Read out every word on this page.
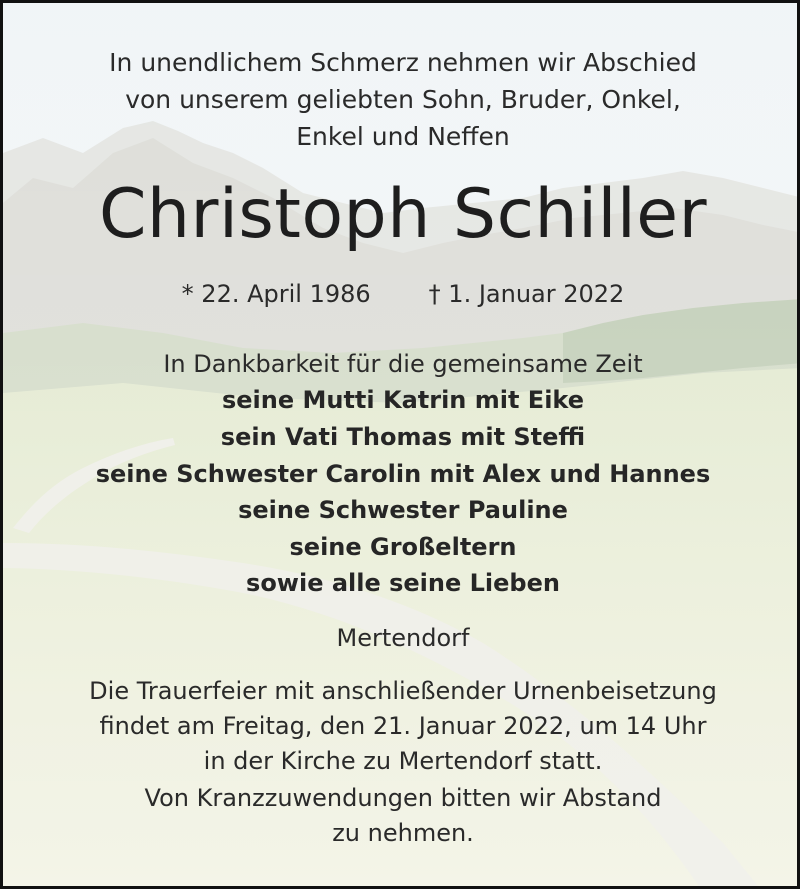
In unendlichem Schmerz nehmen wir Abschied
von unserem geliebten Sohn, Bruder, Onkel,
Enkel und Neffen
Christoph Schiller
* 22. April 1986 † 1. Januar 2022
In Dankbarkeit für die gemeinsame Zeit
seine Mutti Katrin mit Eike
sein Vati Thomas mit Steffi
seine Schwester Carolin mit Alex und Hannes
seine Schwester Pauline
seine Großeltern
sowie alle seine Lieben
Mertendorf
Die Trauerfeier mit anschließender Urnenbeisetzung
findet am Freitag, den 21. Januar 2022, um 14 Uhr
in der Kirche zu Mertendorf statt.
Von Kranzzuwendungen bitten wir Abstand
zu nehmen.
